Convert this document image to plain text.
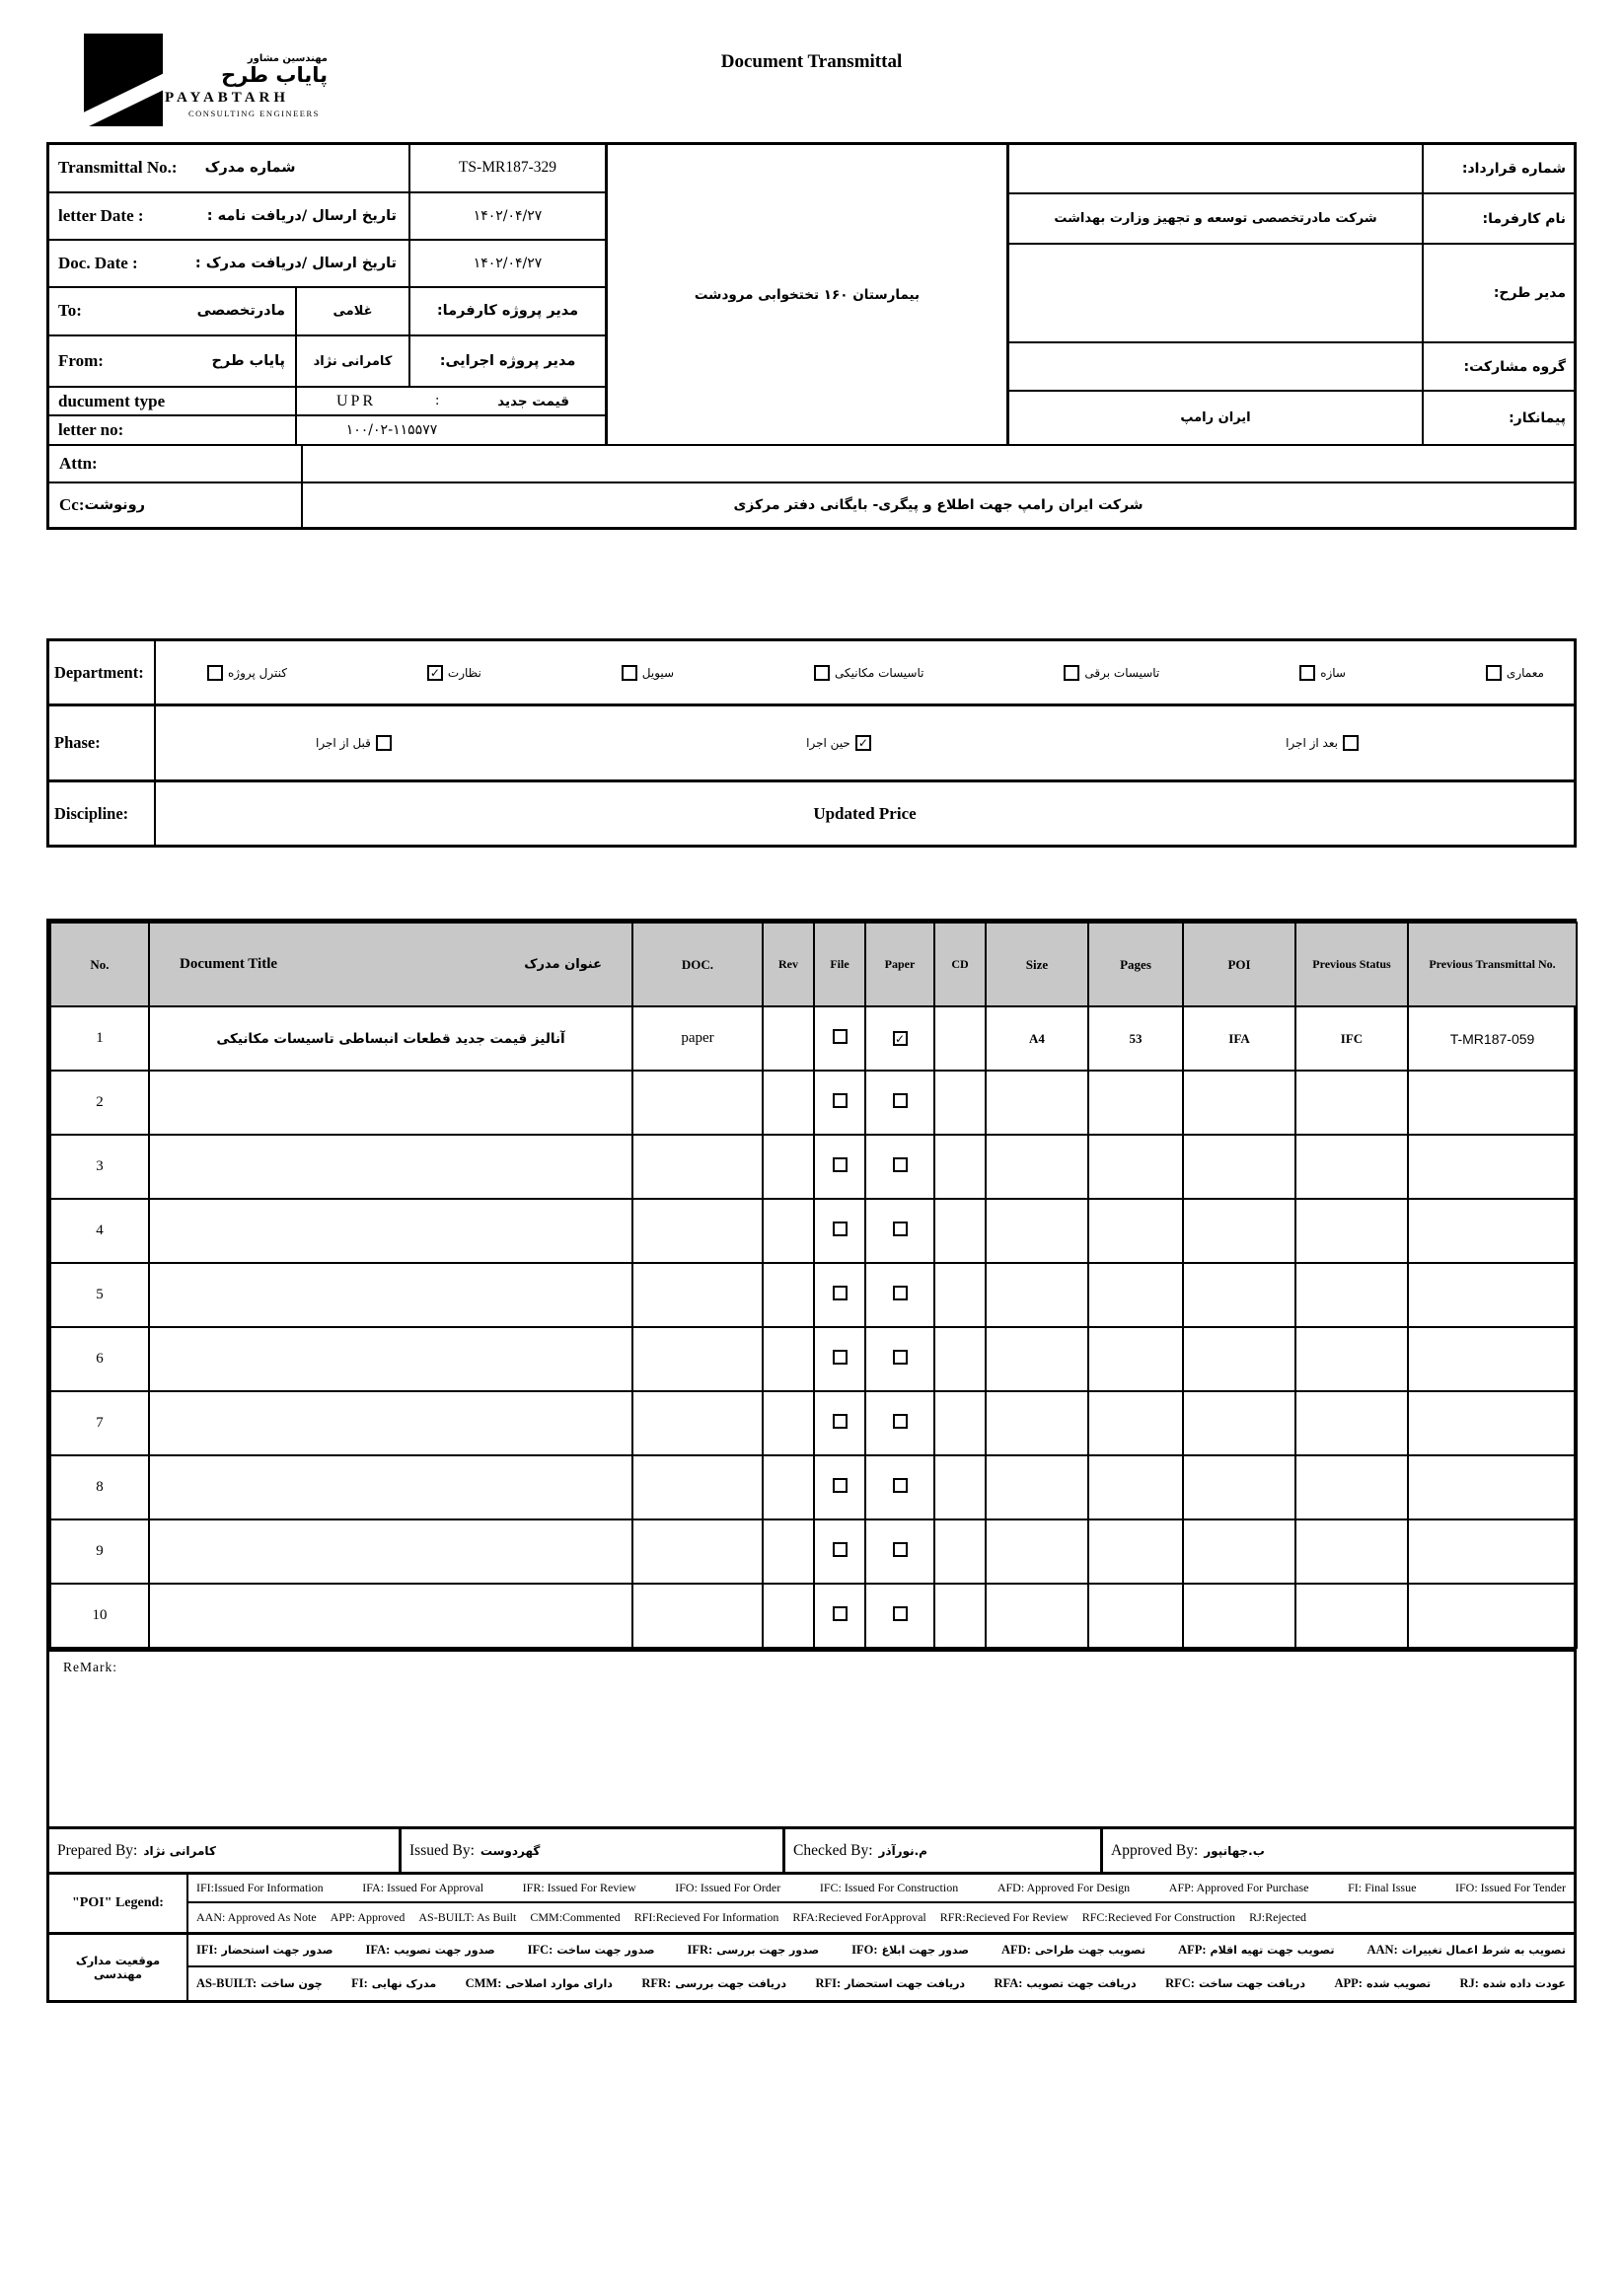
مهندسین مشاور
پایاب طرح
PAYABTARH
CONSULTING ENGINEERS
Document Transmittal
Transmittal No.: شماره مدرک	TS-MR187-329
letter Date :	تاریخ ارسال /دریافت نامه :	۱۴۰۲/۰۴/۲۷
Doc. Date :	تاریخ ارسال /دریافت مدرک :	۱۴۰۲/۰۴/۲۷
To:	مادرتخصصی	غلامی	مدیر پروژه کارفرما:
From:	پایاب طرح	کامرانی نژاد	مدیر پروژه اجرایی:
ducument type	UPR	:	قیمت جدید
letter no:	۱۰۰/۰۲-۱۱۵۵۷۷
بیمارستان ۱۶۰ تختخوابی مرودشت
شماره قرارداد:
شرکت مادرتخصصی توسعه و تجهیز وزارت بهداشت	نام کارفرما:
مدیر طرح:
گروه مشارکت:
ایران رامپ	پیمانکار:
Attn:
Cc: رونوشت	شرکت ایران رامپ جهت اطلاع و پیگری- بایگانی دفتر مرکزی
Department:	کنترل پروژه ✓	نظارت	سیویل	تاسیسات مکانیکی	تاسیسات برقی	سازه	معماری
Phase:	قبل از اجرا ✓	حین اجرا	بعد از اجرا
Discipline:	Updated Price
No.	Document Title عنوان مدرک	DOC.	Rev	File	Paper	CD	Size	Pages	POI	Previous Status	Previous Transmittal No.
1	آنالیز قیمت جدید قطعات انبساطی تاسیسات مکانیکی	paper			✓		A4	53	IFA	IFC	T-MR187-059
2											
3											
4											
5											
6											
7											
8											
9											
10											
ReMark:
Prepared By: کامرانی نژاد	Issued By: گهردوست	Checked By: م.نورآذر	Approved By: ب.جهانپور
"POI" Legend:
IFI:Issued For Information	IFA: Issued For Approval	IFR: Issued For Review	IFO: Issued For Order	IFC: Issued For Construction	AFD: Approved For Design	AFP: Approved For Purchase	FI: Final Issue	IFO: Issued For Tender
AAN: Approved As Note APP: Approved AS-BUILT: As Built CMM:Commented RFI:Recieved For Information RFA:Recieved ForApproval RFR:Recieved For Review RFC:Recieved For Construction RJ:Rejected
موقعیت مدارک مهندسی
IFI: صدور جهت استحضار	IFA: صدور جهت تصویب	IFC: صدور جهت ساخت	IFR: صدور جهت بررسی	IFO: صدور جهت ابلاغ	AFD: تصویب جهت طراحی	AFP: تصویب جهت تهیه اقلام	AAN: تصویب به شرط اعمال تغییرات
AS-BUILT: چون ساخت FI: مدرک نهایی CMM: دارای موارد اصلاحی RFR: دریافت جهت بررسی RFI: دریافت جهت استحضار RFA: دریافت جهت تصویب RFC: دریافت جهت ساخت APP: تصویب شده RJ: عودت داده شده
